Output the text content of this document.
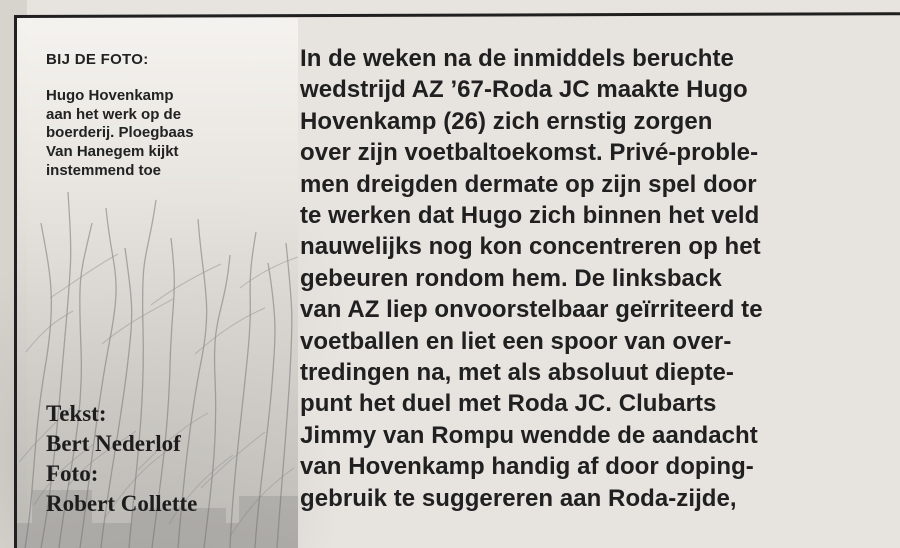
BIJ DE FOTO:

Hugo Hovenkamp
aan het werk op de
boerderij. Ploegbaas
Van Hanegem kijkt
instemmend toe
Tekst:
Bert Nederlof
Foto:
Robert Collette
In de weken na de inmiddels beruchte
wedstrijd AZ ’67-Roda JC maakte Hugo
Hovenkamp (26) zich ernstig zorgen
over zijn voetbaltoekomst. Privé-proble-
men dreigden dermate op zijn spel door
te werken dat Hugo zich binnen het veld
nauwelijks nog kon concentreren op het
gebeuren rondom hem. De linksback
van AZ liep onvoorstelbaar geïrriteerd te
voetballen en liet een spoor van over-
tredingen na, met als absoluut diepte-
punt het duel met Roda JC. Clubarts
Jimmy van Rompu wendde de aandacht
van Hovenkamp handig af door doping-
gebruik te suggereren aan Roda-zijde,
